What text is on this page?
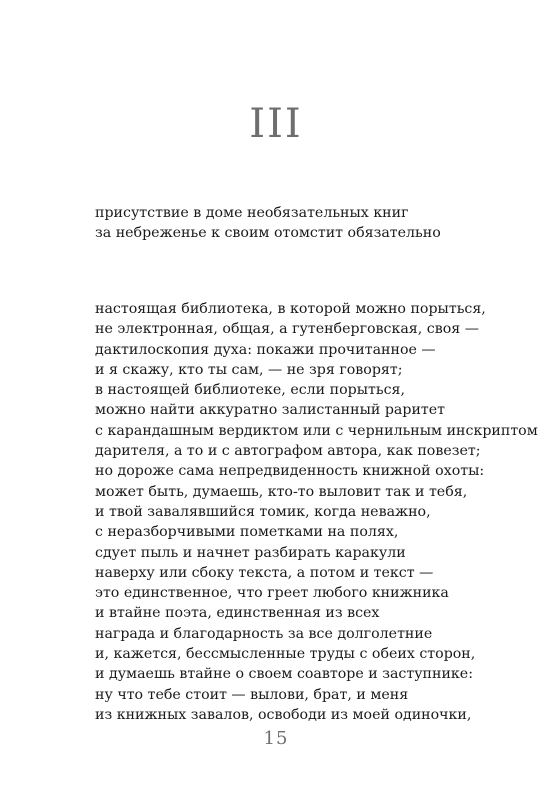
III
присутствие в доме необязательных книг
за небреженье к своим отомстит обязательно
настоящая библиотека, в которой можно порыться,
не электронная, общая, а гутенберговская, своя —
дактилоскопия духа: покажи прочитанное —
и я скажу, кто ты сам, — не зря говорят;
в настоящей библиотеке, если порыться,
можно найти аккуратно залистанный раритет
с карандашным вердиктом или с чернильным инскриптом
дарителя, а то и с автографом автора, как повезет;
но дороже сама непредвиденность книжной охоты:
может быть, думаешь, кто-то выловит так и тебя,
и твой завалявшийся томик, когда неважно,
с неразборчивыми пометками на полях,
сдует пыль и начнет разбирать каракули
наверху или сбоку текста, а потом и текст —
это единственное, что греет любого книжника
и втайне поэта, единственная из всех
награда и благодарность за все долголетние
и, кажется, бессмысленные труды с обеих сторон,
и думаешь втайне о своем соавторе и заступнике:
ну что тебе стоит — вылови, брат, и меня
из книжных завалов, освободи из моей одиночки,
15
